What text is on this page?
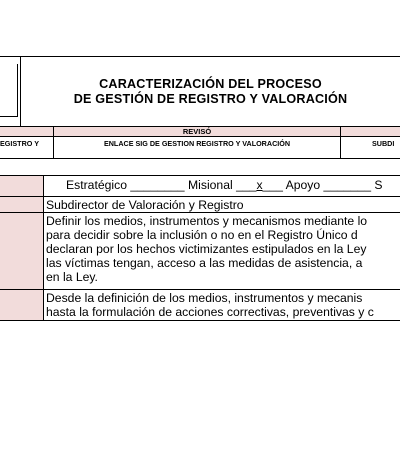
CARACTERIZACIÓN DEL PROCESO
DE GESTIÓN DE REGISTRO Y VALORACIÓN
REVISÓ
EGISTRO Y	ENLACE SIG DE GESTION REGISTRO Y VALORACIÓN	SUBDI
Estratégico ________ Misional ___x___ Apoyo _______ S
Subdirector de Valoración y Registro
Definir los medios, instrumentos y mecanismos mediante lo
para decidir sobre la inclusión o no en el Registro Único d
declaran por los hechos victimizantes estipulados en la Ley
las víctimas tengan, acceso a las medidas de asistencia, a
en la Ley.
Desde la definición de los medios, instrumentos y mecanis
hasta la formulación de acciones correctivas, preventivas y c
